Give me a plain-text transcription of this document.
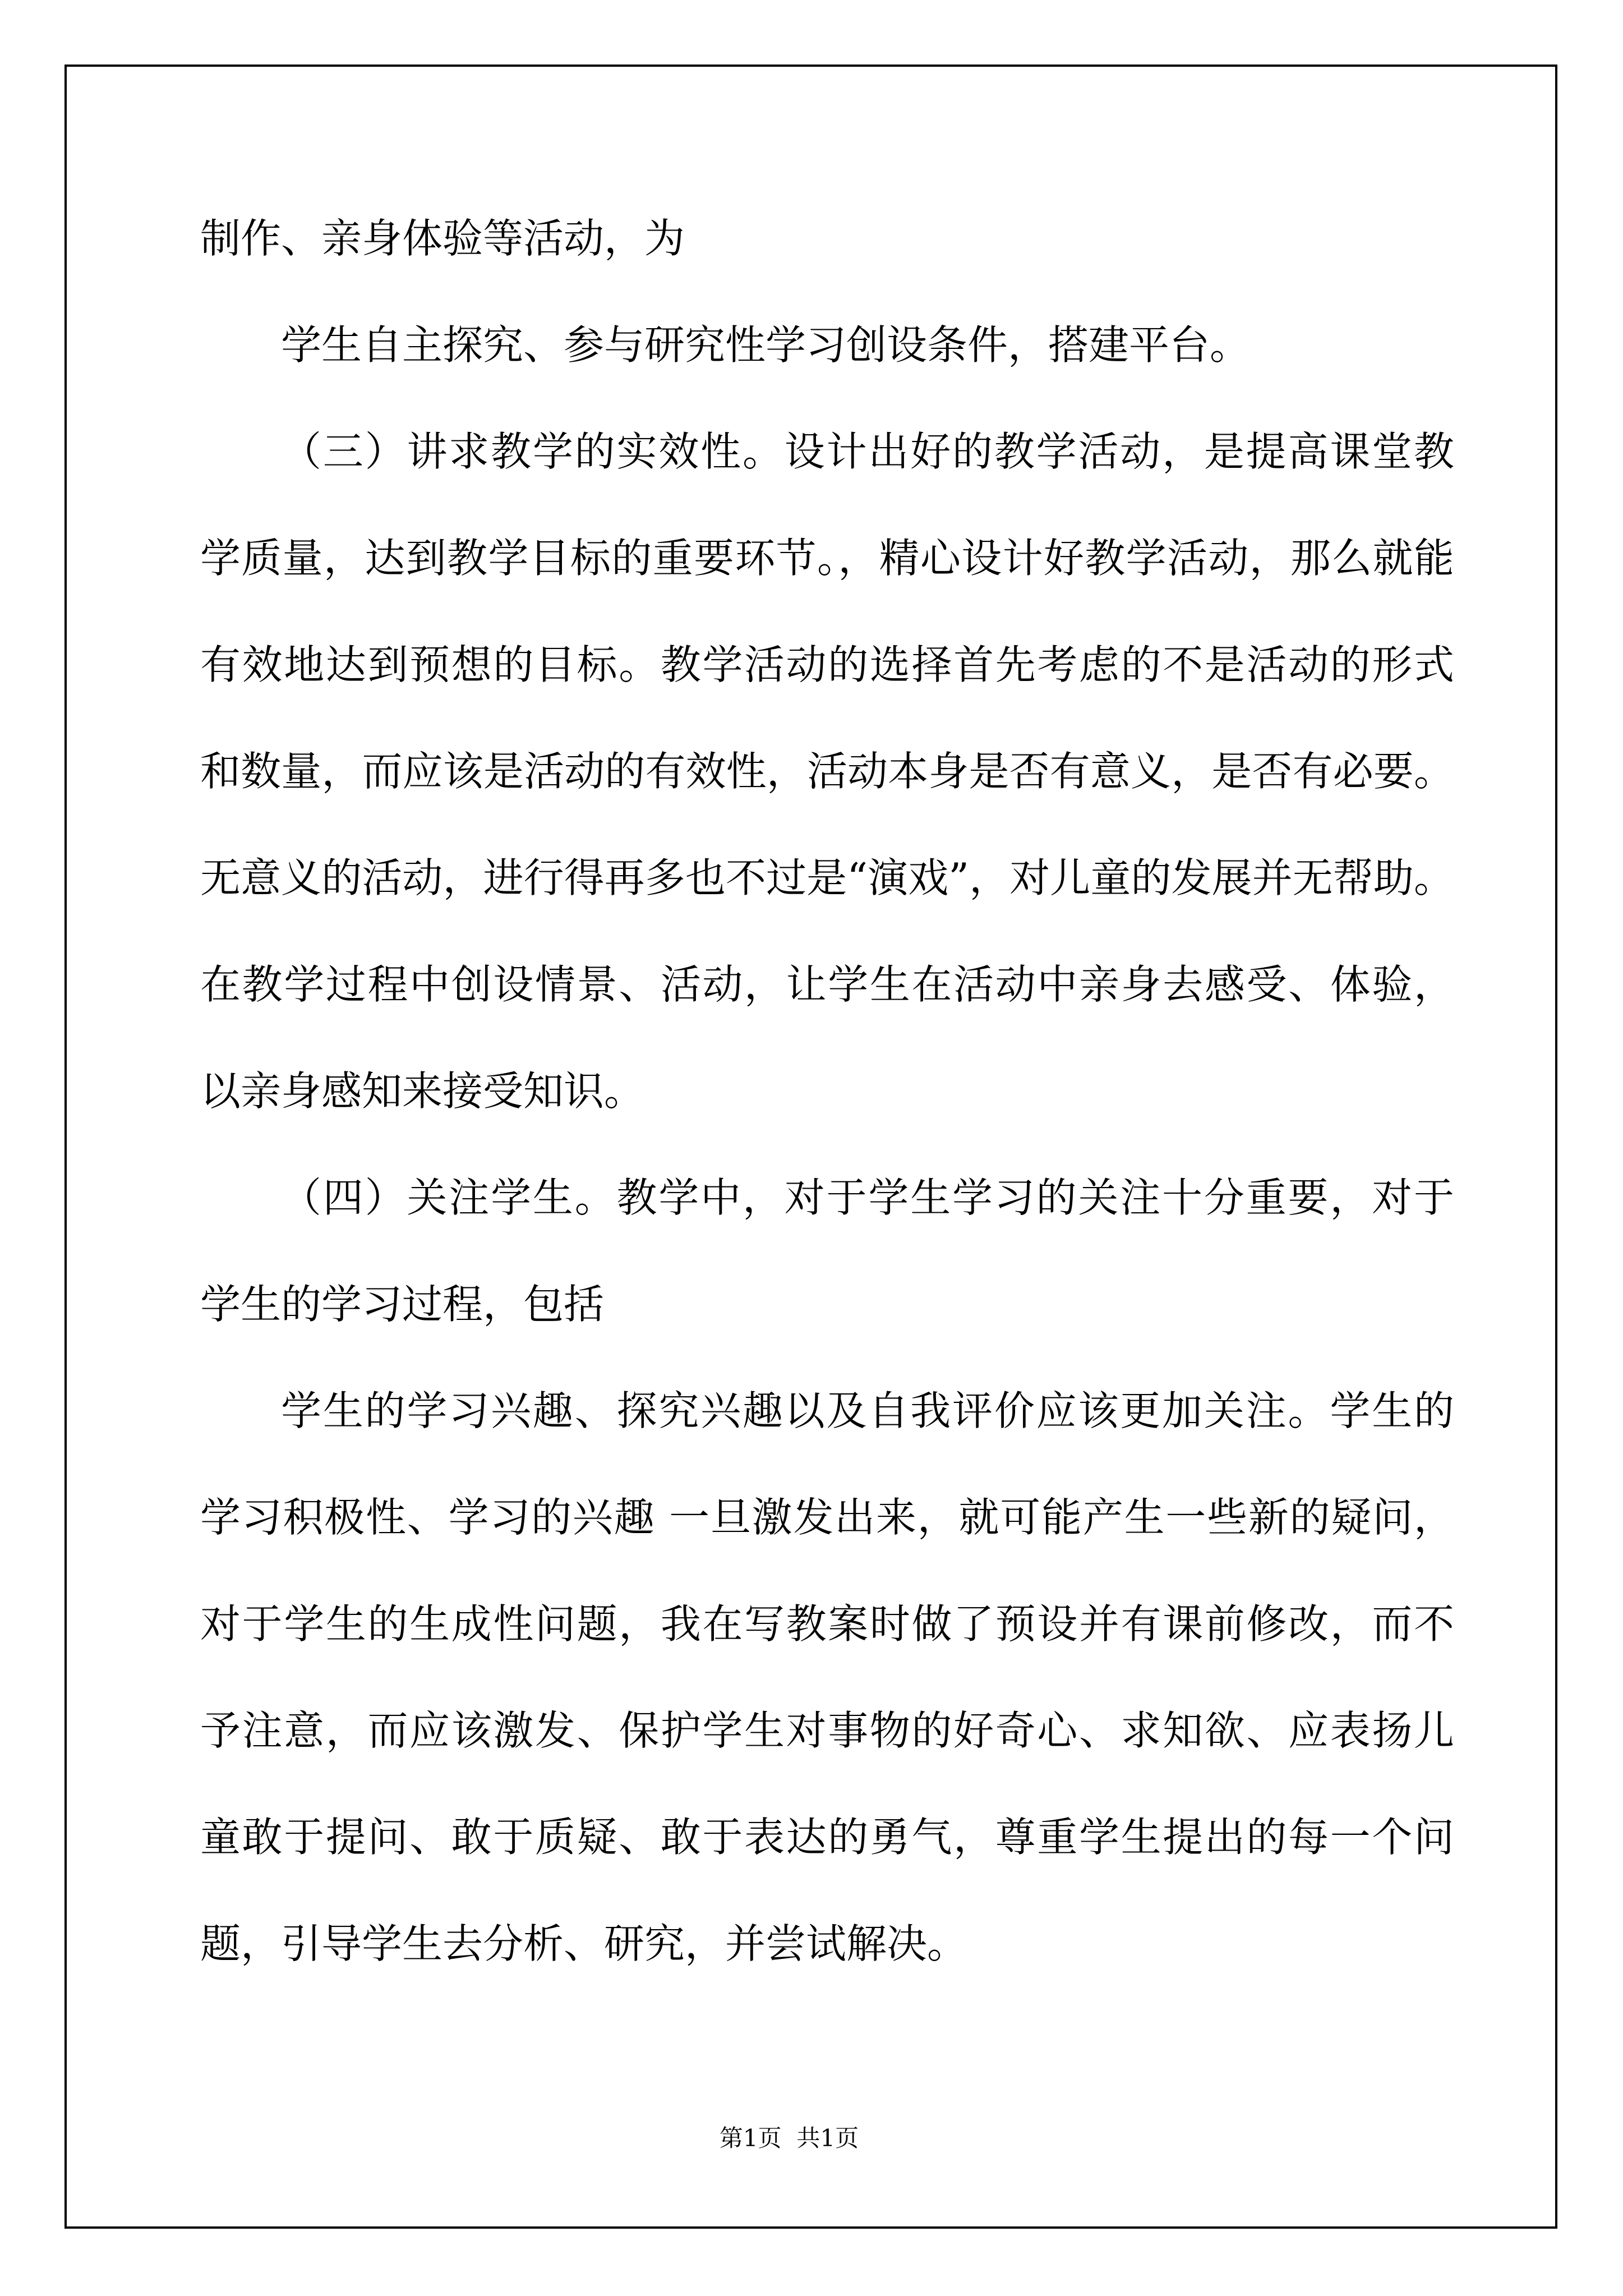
制作、亲身体验等活动，为
学生自主探究、参与研究性学习创设条件，搭建平台。
（三）讲求教学的实效性。设计出好的教学活动，是提高课堂教
学质量，达到教学目标的重要环节。，精心设计好教学活动，那么就能
有效地达到预想的目标。教学活动的选择首先考虑的不是活动的形式
和数量，而应该是活动的有效性，活动本身是否有意义，是否有必要。
无意义的活动，进行得再多也不过是“演戏”，对儿童的发展并无帮助。
在教学过程中创设情景、活动，让学生在活动中亲身去感受、体验，
以亲身感知来接受知识。
（四）关注学生。教学中，对于学生学习的关注十分重要，对于
学生的学习过程，包括
学生的学习兴趣、探究兴趣以及自我评价应该更加关注。学生的
学习积极性、学习的兴趣 一旦激发出来，就可能产生一些新的疑问，
对于学生的生成性问题，我在写教案时做了预设并有课前修改，而不
予注意，而应该激发、保护学生对事物的好奇心、求知欲、应表扬儿
童敢于提问、敢于质疑、敢于表达的勇气，尊重学生提出的每一个问
题，引导学生去分析、研究，并尝试解决。
第1页  共1页
